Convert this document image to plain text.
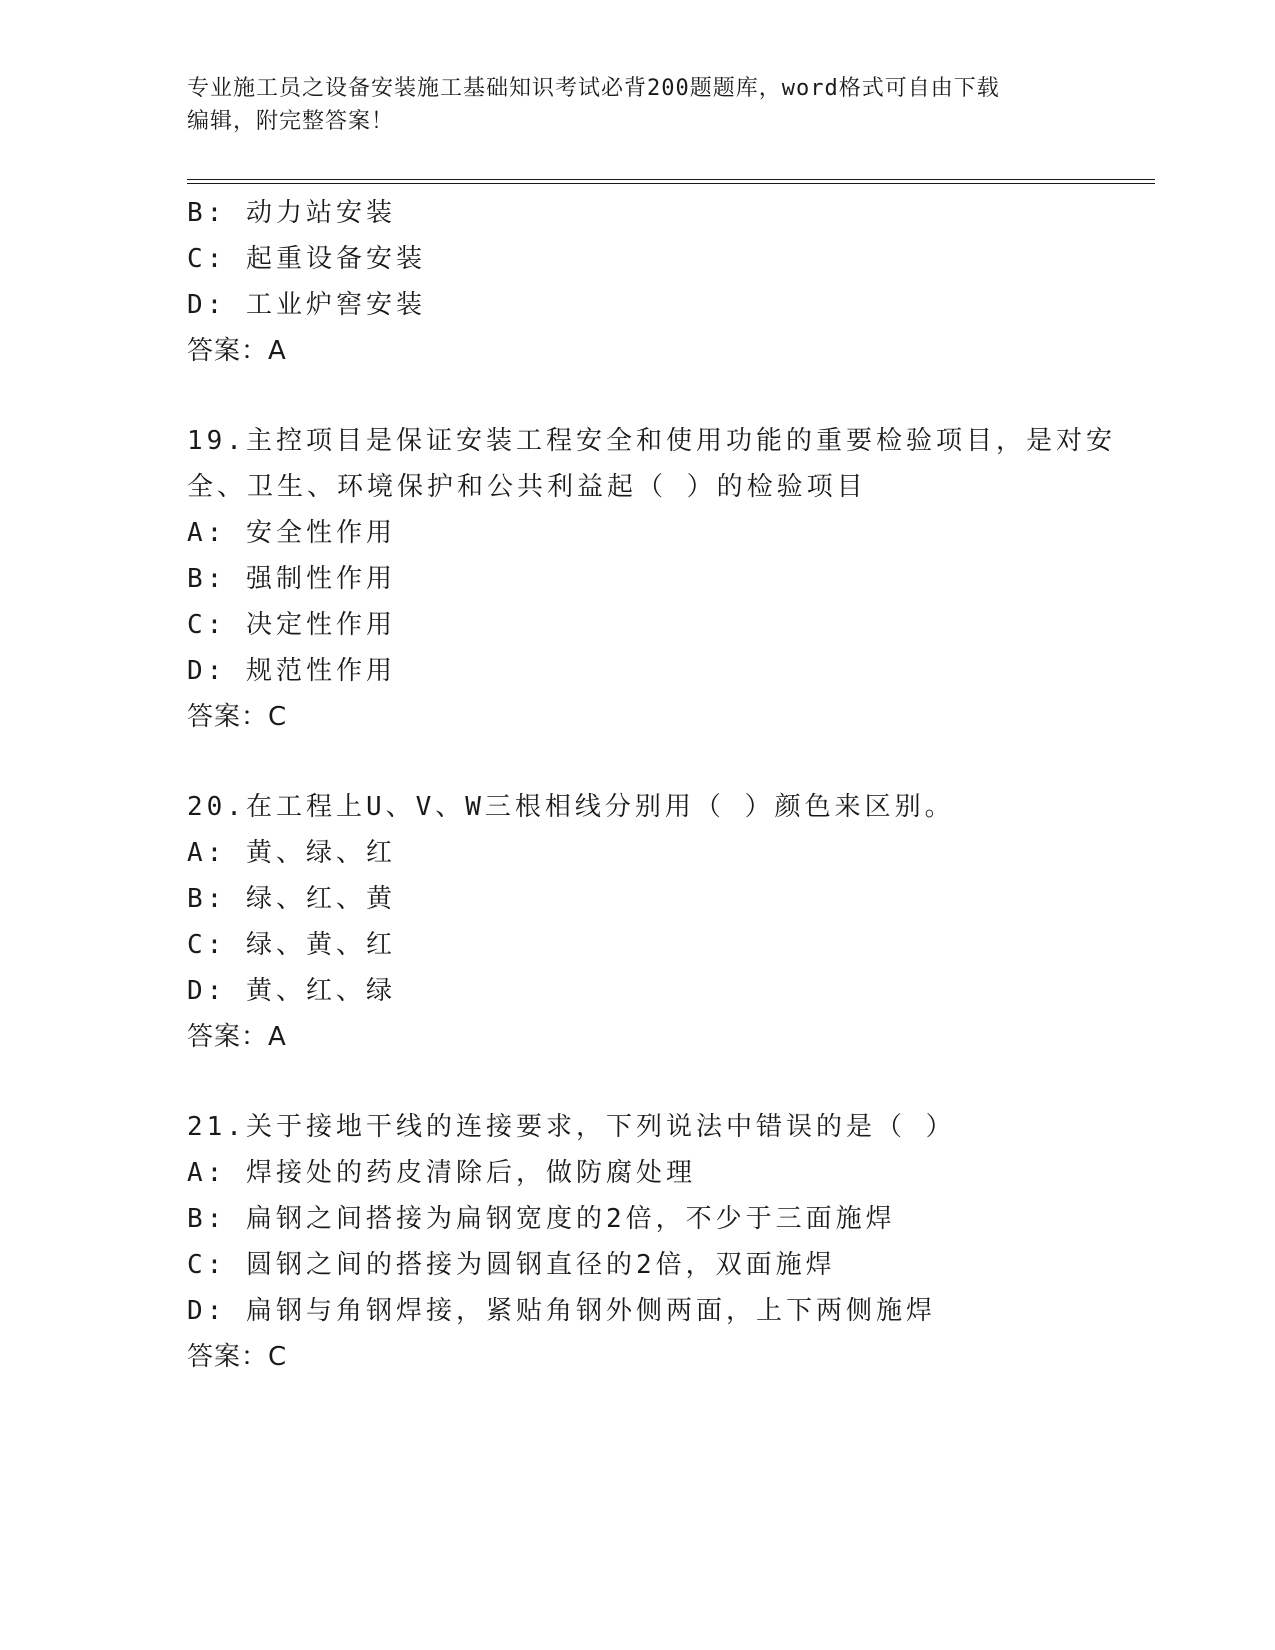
专业施工员之设备安装施工基础知识考试必背200题题库，word格式可自由下载
编辑，附完整答案！
B: 动力站安装
C: 起重设备安装
D: 工业炉窖安装
答案：A
19.主控项目是保证安装工程安全和使用功能的重要检验项目，是对安
全、卫生、环境保护和公共利益起（ ）的检验项目
A: 安全性作用
B: 强制性作用
C: 决定性作用
D: 规范性作用
答案：C
20.在工程上U、V、W三根相线分别用（ ）颜色来区别。
A: 黄、绿、红
B: 绿、红、黄
C: 绿、黄、红
D: 黄、红、绿
答案：A
21.关于接地干线的连接要求，下列说法中错误的是（ ）
A: 焊接处的药皮清除后，做防腐处理
B: 扁钢之间搭接为扁钢宽度的2倍，不少于三面施焊
C: 圆钢之间的搭接为圆钢直径的2倍，双面施焊
D: 扁钢与角钢焊接，紧贴角钢外侧两面，上下两侧施焊
答案：C
